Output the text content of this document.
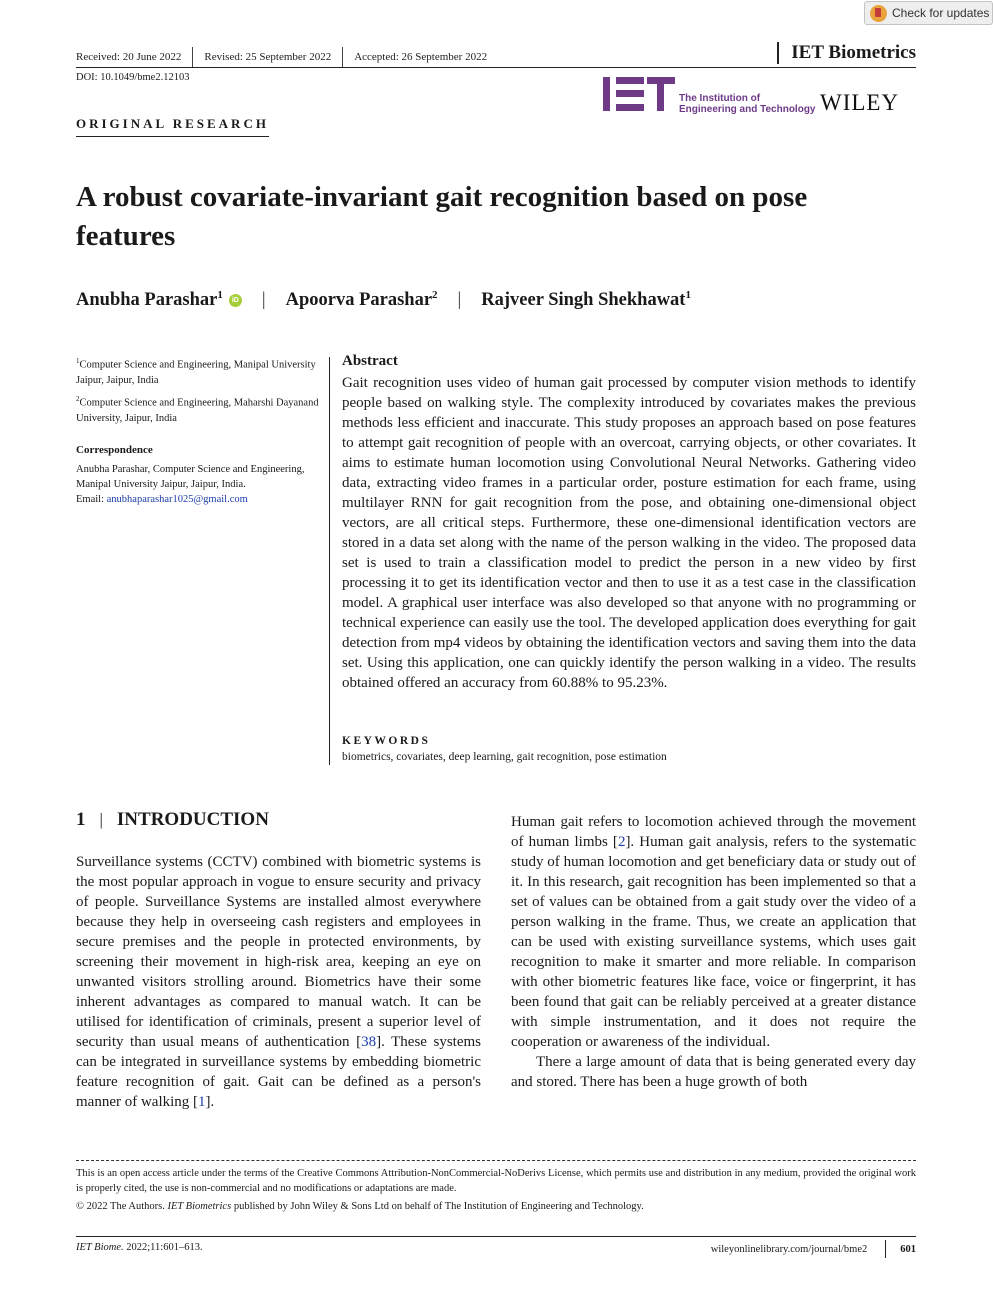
Check for updates
Received: 20 June 2022 Revised: 25 September 2022 Accepted: 26 September 2022	IET Biometrics
DOI: 10.1049/bme2.12103
The Institution of
Engineering and Technology WILEY
ORIGINAL RESEARCH
A robust covariate-invariant gait recognition based on pose features
Anubha Parashar$^1$	iD | Apoorva Parashar$^2$ | Rajveer Singh Shekhawat$^1$
$^1$Computer Science and Engineering, Manipal University Jaipur, Jaipur, India
$^2$Computer Science and Engineering, Maharshi Dayanand University, Jaipur, India
Correspondence
Anubha Parashar, Computer Science and Engineering, Manipal University Jaipur, Jaipur, India.
Email: anubhaparashar1025@gmail.com
Abstract

Gait recognition uses video of human gait processed by computer vision methods to identify people based on walking style. The complexity introduced by covariates makes the previous methods less efficient and inaccurate. This study proposes an approach based on pose features to attempt gait recognition of people with an overcoat, carrying objects, or other covariates. It aims to estimate human locomotion using Convolutional Neural Networks. Gathering video data, extracting video frames in a particular order, posture estimation for each frame, using multilayer RNN for gait recognition from the pose, and obtaining one-dimensional object vectors, are all critical steps. Furthermore, these one-dimensional identification vectors are stored in a data set along with the name of the person walking in the video. The proposed data set is used to train a classification model to predict the person in a new video by first processing it to get its identification vector and then to use it as a test case in the classification model. A graphical user interface was also developed so that anyone with no programming or technical experience can easily use the tool. The developed application does everything for gait detection from mp4 videos by obtaining the identification vectors and saving them into the data set. Using this application, one can quickly identify the person walking in a video. The results obtained offered an accuracy from 60.88% to 95.23%.

KEYWORDS
biometrics, covariates, deep learning, gait recognition, pose estimation
1 | INTRODUCTION

Surveillance systems (CCTV) combined with biometric systems is the most popular approach in vogue to ensure security and privacy of people. Surveillance Systems are installed almost everywhere because they help in overseeing cash registers and employees in secure premises and the people in protected environments, by screening their movement in high-risk area, keeping an eye on unwanted visitors strolling around. Biometrics have their some inherent advantages as compared to manual watch. It can be utilised for identification of criminals, present a superior level of security than usual means of authentication [38]. These systems can be integrated in surveillance systems by embedding biometric feature recognition of gait. Gait can be defined as a person's manner of walking [1].

Human gait refers to locomotion achieved through the movement of human limbs [2]. Human gait analysis, refers to the systematic study of human locomotion and get beneficiary data or study out of it. In this research, gait recognition has been implemented so that a set of values can be obtained from a gait study over the video of a person walking in the frame. Thus, we create an application that can be used with existing surveillance systems, which uses gait recognition to make it smarter and more reliable. In comparison with other biometric features like face, voice or fingerprint, it has been found that gait can be reliably perceived at a greater distance with simple instrumentation, and it does not require the cooperation or awareness of the individual.

There a large amount of data that is being generated every day and stored. There has been a huge growth of both

This is an open access article under the terms of the Creative Commons Attribution-NonCommercial-NoDerivs License, which permits use and distribution in any medium, provided the original work is properly cited, the use is non-commercial and no modifications or adaptations are made.

© 2022 The Authors. IET Biometrics published by John Wiley & Sons Ltd on behalf of The Institution of Engineering and Technology.
IET Biome. 2022;11:601–613.	wileyonlinelibrary.com/journal/bme2	601
